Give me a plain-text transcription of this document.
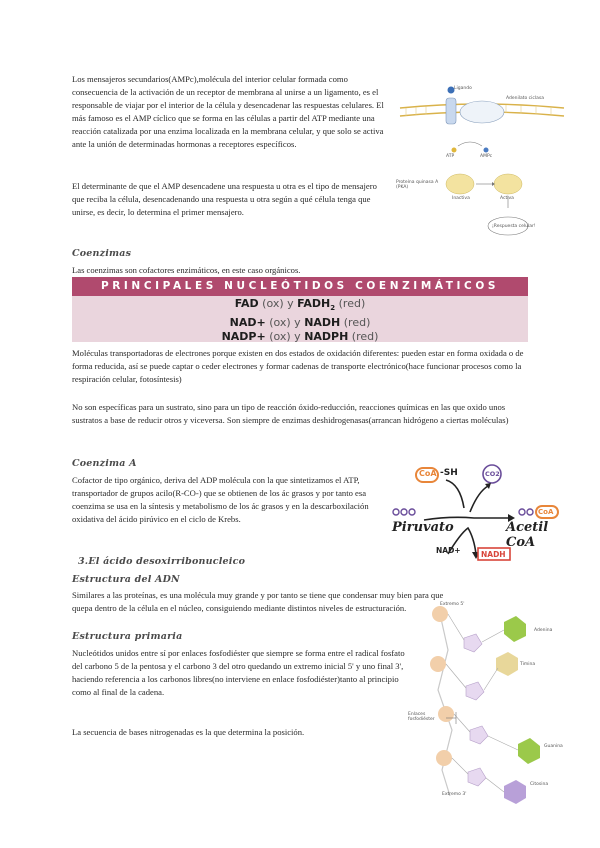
Los mensajeros secundarios(AMPc),molécula del interior celular formada como consecuencia de la activación de un receptor de membrana al unirse a un ligamento, es el responsable de viajar por el interior de la célula y desencadenar las respuestas celulares. El más famoso es el AMP cíclico que se forma en las células a partir del ATP mediante una reacción catalizada por una enzima localizada en la membrana celular, y que solo se activa ante la unión de determinadas hormonas a receptores específicos.

Ligando
Adenilato ciclasa
ATP	AMPc
Proteína quinasa A (PKA)
Inactiva	Activa
¡Respuesta celular!

El determinante de que el AMP desencadene una respuesta u otra es el tipo de mensajero que reciba la célula, desencadenando una respuesta u otra según a qué célula tenga que unirse, es decir, lo determina el primer mensajero.

Coenzimas

Las coenzimas son cofactores enzimáticos, en este caso orgánicos.

PRINCIPALES NUCLEÓTIDOS COENZIMÁTICOS
FAD (ox) y $FADH_2$ (red)
NAD+ (ox) y NADH (red)
NADP+ (ox) y NADPH (red)

Moléculas transportadoras de electrones porque existen en dos estados de oxidación diferentes: pueden estar en forma oxidada o de forma reducida, así se puede captar o ceder electrones y formar cadenas de transporte electrónico(hace funcionar procesos como la respiración celular, fotosíntesis)

No son específicas para un sustrato, sino para un tipo de reacción óxido-reducción, reacciones químicas en las que oxido unos sustratos a base de reducir otros y viceversa. Son siempre de enzimas deshidrogenasas(arrancan hidrógeno a ciertas moléculas)

Coenzima A

Cofactor de tipo orgánico, deriva del ADP molécula con la que sintetizamos el ATP, transportador de grupos acilo(R-CO-) que se obtienen de los ác grasos y por tanto esa coenzima se usa en la síntesis y metabolismo de los ác grasos y en la descarboxilación oxidativa del ácido pirúvico en el ciclo de Krebs.

CoA -SH	CO2
Piruvato	Acetil CoA
CoA
NAD+	NADH
3.El ácido desoxirribonucleico
Estructura del ADN

Similares a las proteínas, es una molécula muy grande y por tanto se tiene que condensar muy bien para que quepa dentro de la célula en el núcleo, consiguiendo mediante distintos niveles de estructuración.

Estructura primaria

Nucleótidos unidos entre sí por enlaces fosfodiéster que siempre se forma entre el radical fosfato del carbono 5 de la pentosa y el carbono 3 del otro quedando un extremo inicial 5' y uno final 3', haciendo referencia a los carbonos libres(no interviene en enlace fosfodiéster)tanto al principio como al final de la cadena.

La secuencia de bases nitrogenadas es la que determina la posición.

Extremo 5'
Adenina
Timina
Enlaces fosfodiéster
Guanina
Citosina
Extremo 3'
